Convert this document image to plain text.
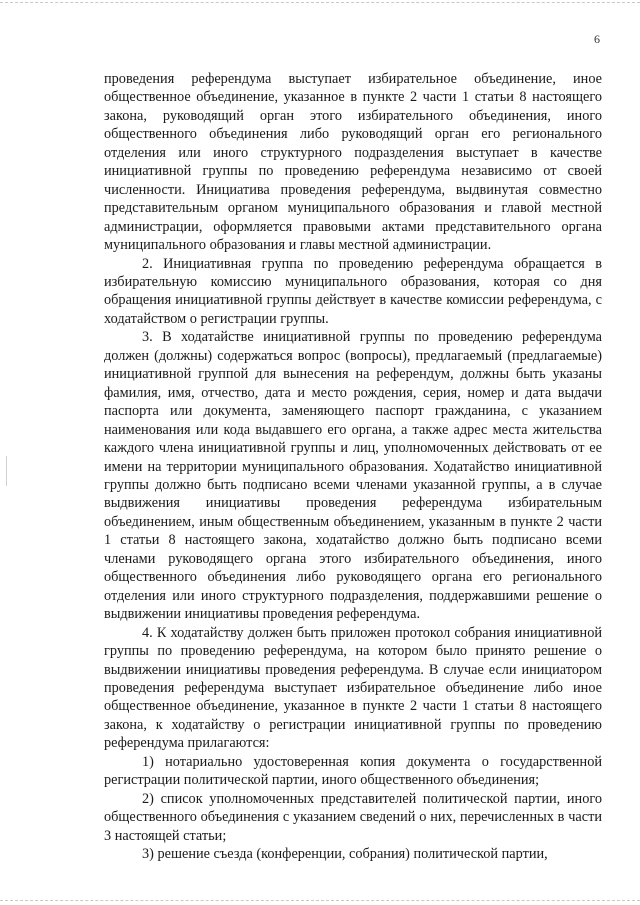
6

проведения референдума выступает избирательное объединение, иное общественное объединение, указанное в пункте 2 части 1 статьи 8 настоящего закона, руководящий орган этого избирательного объединения, иного общественного объединения либо руководящий орган его регионального отделения или иного структурного подразделения выступает в качестве инициативной группы по проведению референдума независимо от своей численности. Инициатива проведения референдума, выдвинутая совместно представительным органом муниципального образования и главой местной администрации, оформляется правовыми актами представительного органа муниципального образования и главы местной администрации.

2. Инициативная группа по проведению референдума обращается в избирательную комиссию муниципального образования, которая со дня обращения инициативной группы действует в качестве комиссии референдума, с ходатайством о регистрации группы.

3. В ходатайстве инициативной группы по проведению референдума должен (должны) содержаться вопрос (вопросы), предлагаемый (предлагаемые) инициативной группой для вынесения на референдум, должны быть указаны фамилия, имя, отчество, дата и место рождения, серия, номер и дата выдачи паспорта или документа, заменяющего паспорт гражданина, с указанием наименования или кода выдавшего его органа, а также адрес места жительства каждого члена инициативной группы и лиц, уполномоченных действовать от ее имени на территории муниципального образования. Ходатайство инициативной группы должно быть подписано всеми членами указанной группы, а в случае выдвижения инициативы проведения референдума избирательным объединением, иным общественным объединением, указанным в пункте 2 части 1 статьи 8 настоящего закона, ходатайство должно быть подписано всеми членами руководящего органа этого избирательного объединения, иного общественного объединения либо руководящего органа его регионального отделения или иного структурного подразделения, поддержавшими решение о выдвижении инициативы проведения референдума.

4. К ходатайству должен быть приложен протокол собрания инициативной группы по проведению референдума, на котором было принято решение о выдвижении инициативы проведения референдума. В случае если инициатором проведения референдума выступает избирательное объединение либо иное общественное объединение, указанное в пункте 2 части 1 статьи 8 настоящего закона, к ходатайству о регистрации инициативной группы по проведению референдума прилагаются:

1) нотариально удостоверенная копия документа о государственной регистрации политической партии, иного общественного объединения;

2) список уполномоченных представителей политической партии, иного общественного объединения с указанием сведений о них, перечисленных в части 3 настоящей статьи;

3) решение съезда (конференции, собрания) политической партии,
